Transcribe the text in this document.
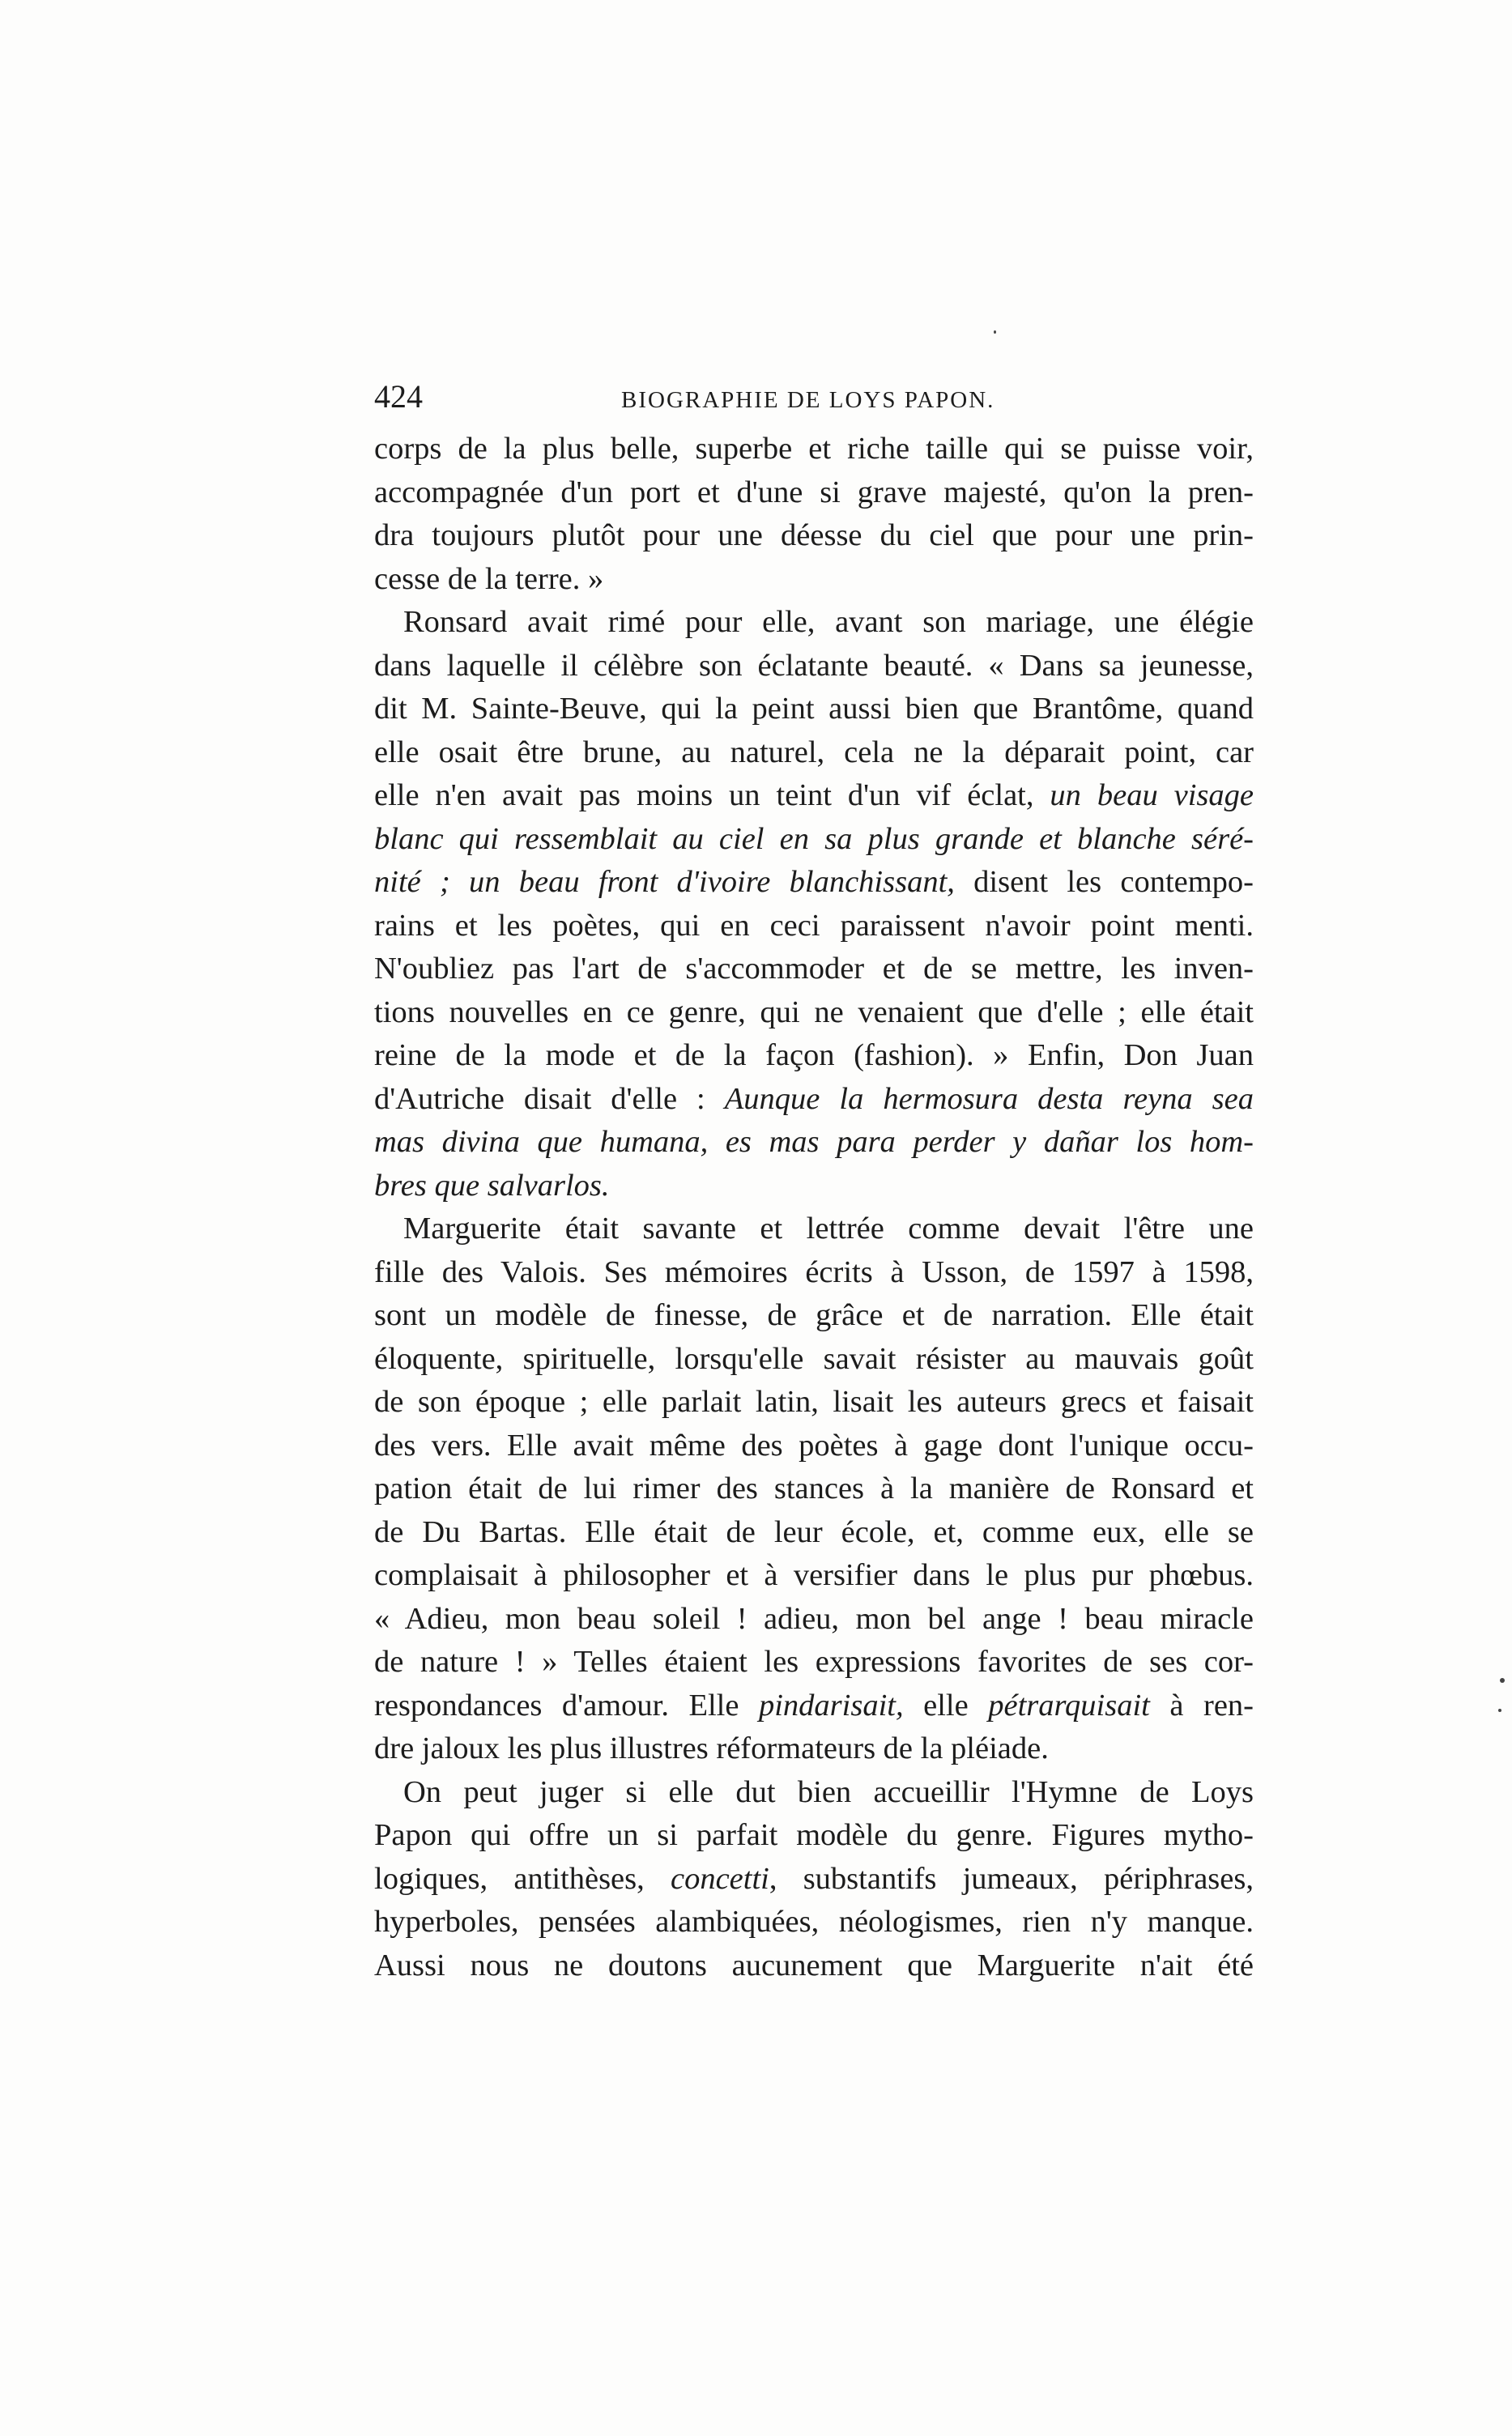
424	BIOGRAPHIE DE LOYS PAPON.
corps de la plus belle, superbe et riche taille qui se puisse voir,
accompagnée d'un port et d'une si grave majesté, qu'on la pren-
dra toujours plutôt pour une déesse du ciel que pour une prin-
cesse de la terre. »
Ronsard avait rimé pour elle, avant son mariage, une élégie
dans laquelle il célèbre son éclatante beauté. « Dans sa jeunesse,
dit M. Sainte-Beuve, qui la peint aussi bien que Brantôme, quand
elle osait être brune, au naturel, cela ne la déparait point, car
elle n'en avait pas moins un teint d'un vif éclat, un beau visage
blanc qui ressemblait au ciel en sa plus grande et blanche séré-
nité ; un beau front d'ivoire blanchissant, disent les contempo-
rains et les poètes, qui en ceci paraissent n'avoir point menti.
N'oubliez pas l'art de s'accommoder et de se mettre, les inven-
tions nouvelles en ce genre, qui ne venaient que d'elle ; elle était
reine de la mode et de la façon (fashion). » Enfin, Don Juan
d'Autriche disait d'elle : Aunque la hermosura desta reyna sea
mas divina que humana, es mas para perder y dañar los hom-
bres que salvarlos.
Marguerite était savante et lettrée comme devait l'être une
fille des Valois. Ses mémoires écrits à Usson, de 1597 à 1598,
sont un modèle de finesse, de grâce et de narration. Elle était
éloquente, spirituelle, lorsqu'elle savait résister au mauvais goût
de son époque ; elle parlait latin, lisait les auteurs grecs et faisait
des vers. Elle avait même des poètes à gage dont l'unique occu-
pation était de lui rimer des stances à la manière de Ronsard et
de Du Bartas. Elle était de leur école, et, comme eux, elle se
complaisait à philosopher et à versifier dans le plus pur phœbus.
« Adieu, mon beau soleil ! adieu, mon bel ange ! beau miracle
de nature ! » Telles étaient les expressions favorites de ses cor-
respondances d'amour. Elle pindarisait, elle pétrarquisait à ren-
dre jaloux les plus illustres réformateurs de la pléiade.
On peut juger si elle dut bien accueillir l'Hymne de Loys
Papon qui offre un si parfait modèle du genre. Figures mytho-
logiques, antithèses, concetti, substantifs jumeaux, périphrases,
hyperboles, pensées alambiquées, néologismes, rien n'y manque.
Aussi nous ne doutons aucunement que Marguerite n'ait été
